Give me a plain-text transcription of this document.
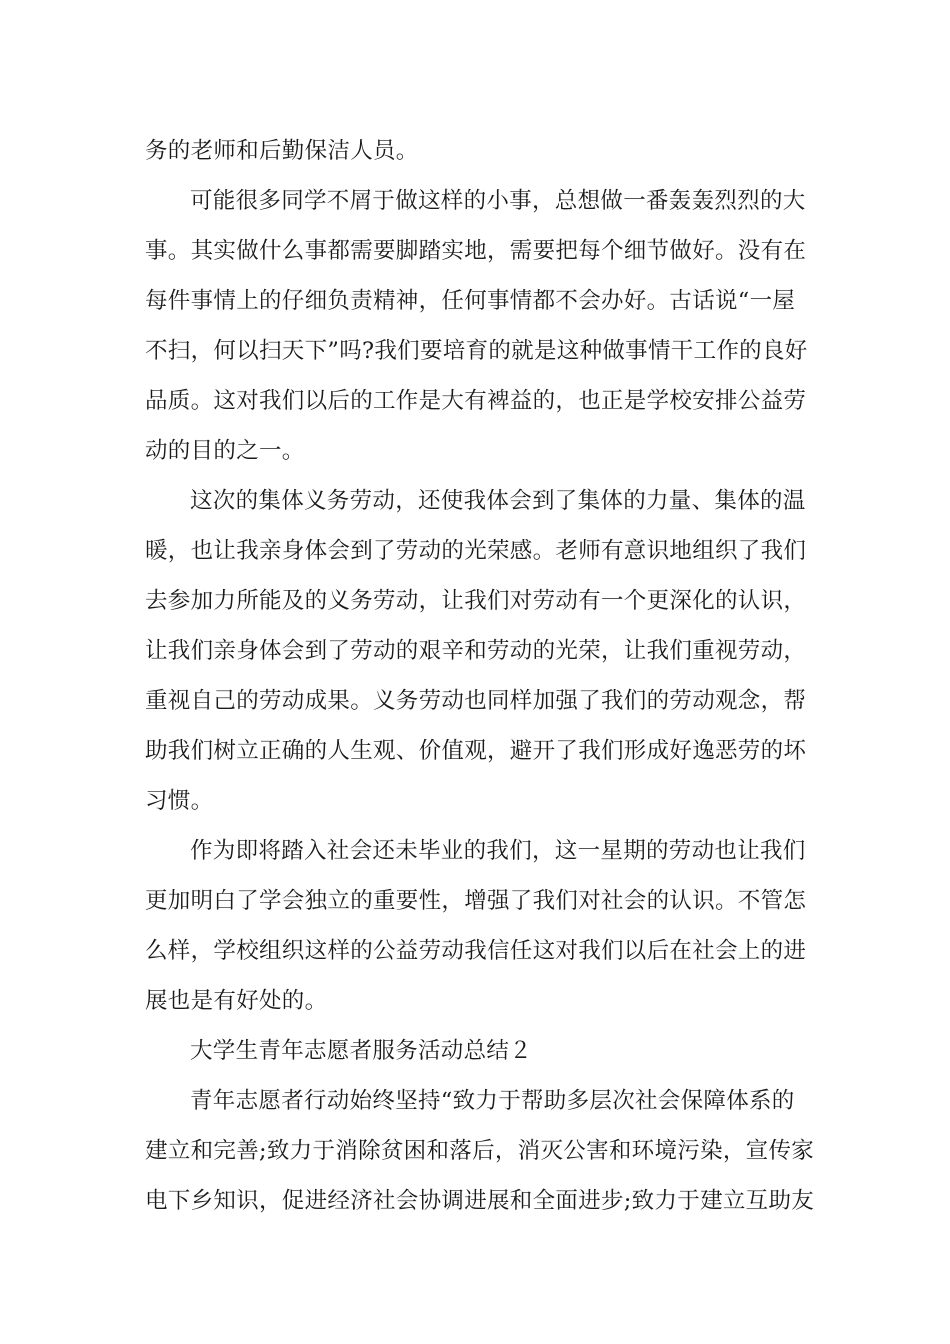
务的老师和后勤保洁人员。
可能很多同学不屑于做这样的小事，总想做一番轰轰烈烈的大
事。其实做什么事都需要脚踏实地，需要把每个细节做好。没有在
每件事情上的仔细负责精神，任何事情都不会办好。古话说“一屋
不扫，何以扫天下”吗?我们要培育的就是这种做事情干工作的良好
品质。这对我们以后的工作是大有裨益的，也正是学校安排公益劳
动的目的之一。
这次的集体义务劳动，还使我体会到了集体的力量、集体的温
暖，也让我亲身体会到了劳动的光荣感。老师有意识地组织了我们
去参加力所能及的义务劳动，让我们对劳动有一个更深化的认识，
让我们亲身体会到了劳动的艰辛和劳动的光荣，让我们重视劳动，
重视自己的劳动成果。义务劳动也同样加强了我们的劳动观念，帮
助我们树立正确的人生观、价值观，避开了我们形成好逸恶劳的坏
习惯。
作为即将踏入社会还未毕业的我们，这一星期的劳动也让我们
更加明白了学会独立的重要性，增强了我们对社会的认识。不管怎
么样，学校组织这样的公益劳动我信任这对我们以后在社会上的进
展也是有好处的。
大学生青年志愿者服务活动总结２
青年志愿者行动始终坚持“致力于帮助多层次社会保障体系的
建立和完善;致力于消除贫困和落后，消灭公害和环境污染，宣传家
电下乡知识，促进经济社会协调进展和全面进步;致力于建立互助友
